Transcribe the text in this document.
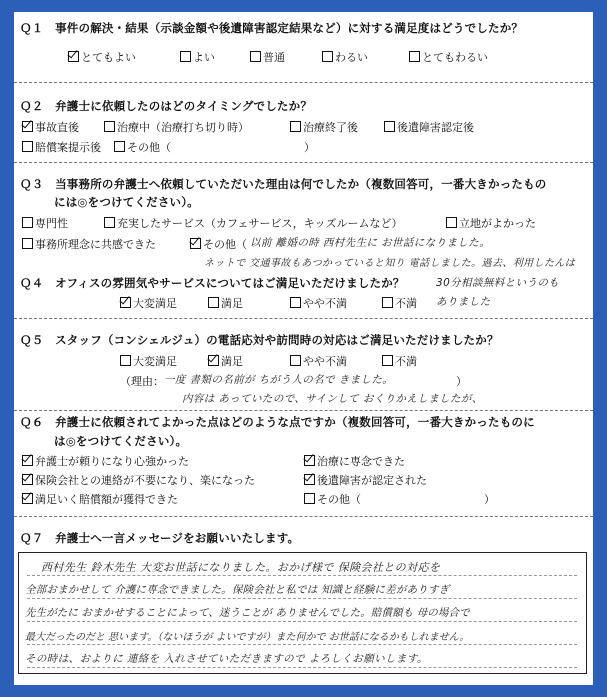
Ｑ１　事件の解決・結果（示談金額や後遺障害認定結果など）に対する満足度はどうでしたか？
とてもよい	よい	普通	わるい	とてもわるい
Ｑ２　弁護士に依頼したのはどのタイミングでしたか？
事故直後	治療中（治療打ち切り時）	治療終了後	後遺障害認定後
賠償案提示後	その他（	）
Ｑ３　当事務所の弁護士へ依頼していただいた理由は何でしたか（複数回答可，一番大きかったもの
には◎をつけてください）。
専門性	充実したサービス（カフェサービス，キッズルームなど）	立地がよかった
事務所理念に共感できた	その他（ 以前 離婚の時 西村先生に お世話になりました。
ネットで 交通事故もあつかっていると知り 電話しました。過去、利用したんは
Ｑ４　オフィスの雰囲気やサービスについてはご満足いただけましたか？	30分相談無料というのも
ありました
大変満足	満足	やや不満	不満
Ｑ５　スタッフ（コンシェルジュ）の電話応対や訪問時の対応はご満足いただけましたか？
大変満足	満足	やや不満	不満
（理由： 一度 書類の名前が ちがう人の名で きました。	）
内容は あっていたので、サインして おくりかえしましたが、
Ｑ６　弁護士に依頼されてよかった点はどのような点ですか（複数回答可，一番大きかったものに
は◎をつけてください）。
弁護士が頼りになり心強かった	治療に専念できた
保険会社との連絡が不要になり、楽になった	後遺障害が認定された
満足いく賠償額が獲得できた	その他（	）
Ｑ７　弁護士へ一言メッセージをお願いいたします。
西村先生 鈴木先生 大変お世話になりました。おかげ様で 保険会社との対応を
全部おまかせして 介護に専念できました。保険会社と私では 知識と経験に差がありすぎ
先生がたに おまかせすることによって、迷うことが ありませんでした。賠償額も 母の場合で
最大だったのだと 思います。（ないほうが よいですが）また何かで お世話になるかもしれません。
その時は、およりに 連絡を 入れさせていただきますので よろしくお願いします。
